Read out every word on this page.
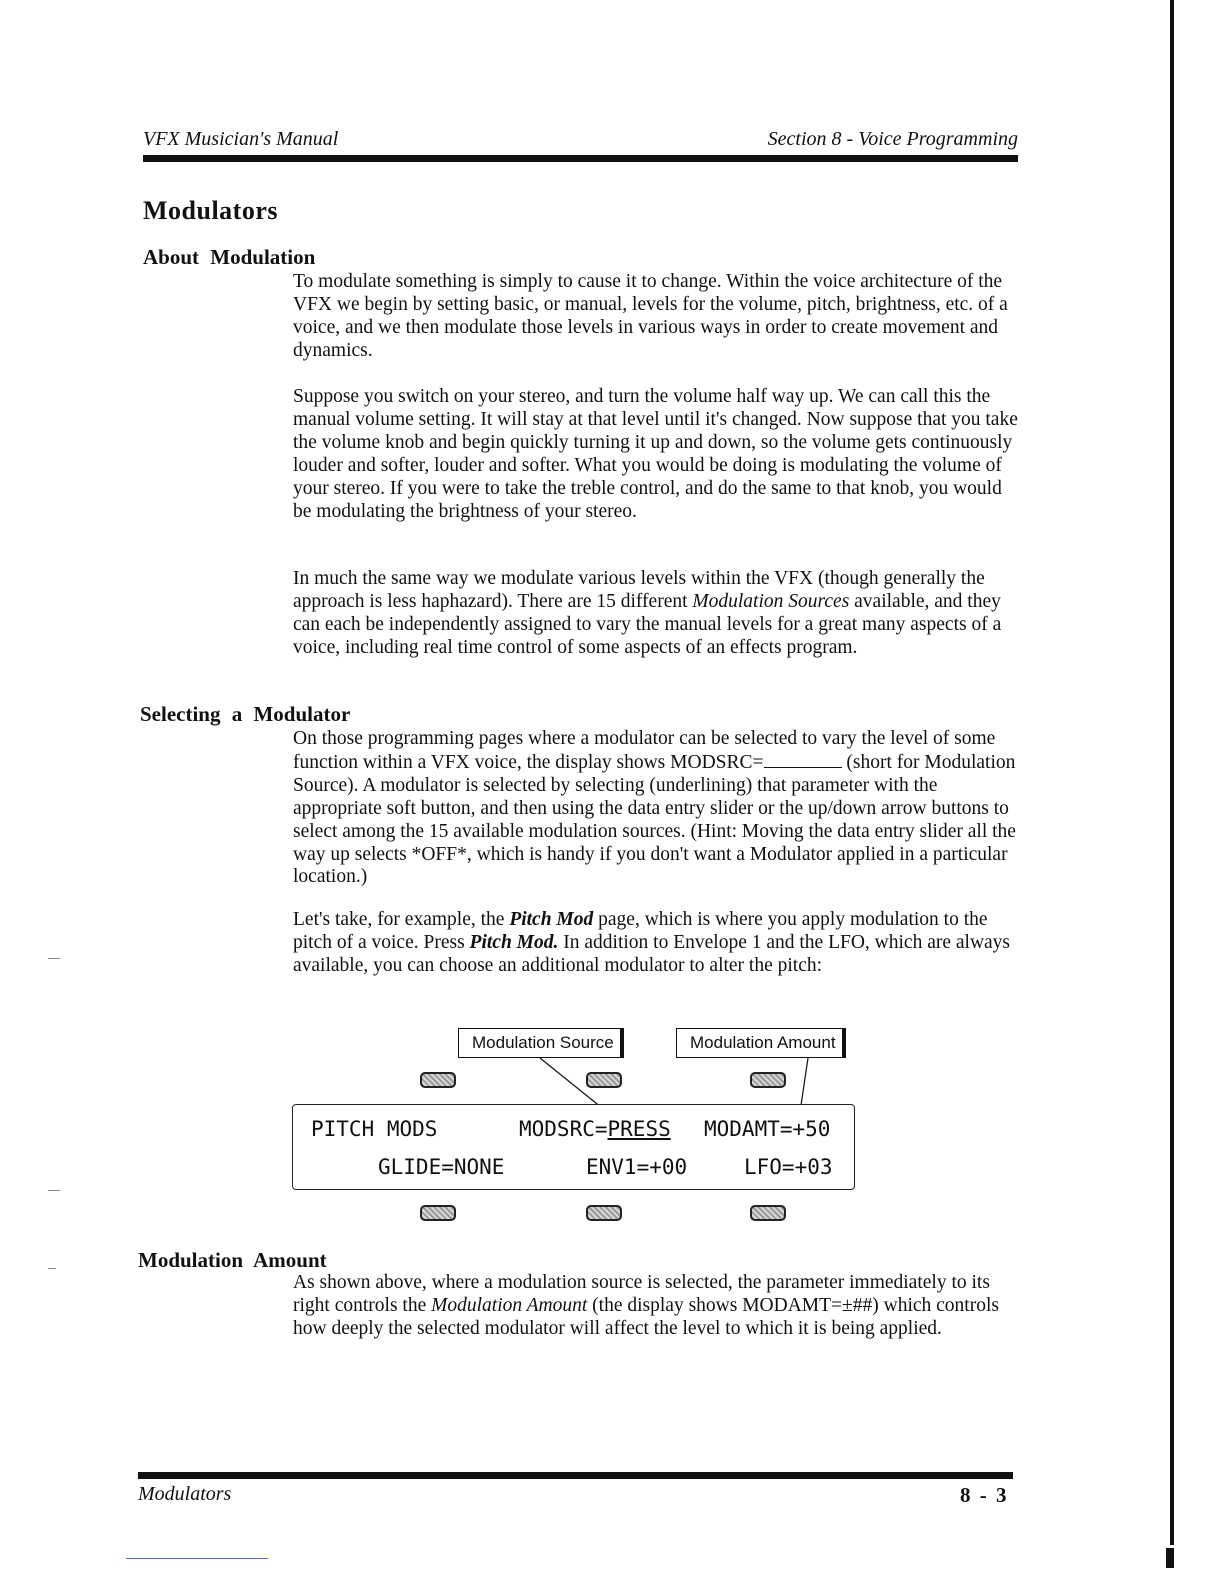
VFX Musician's Manual	Section 8 - Voice Programming
Modulators
About Modulation

To modulate something is simply to cause it to change. Within the voice architecture of the VFX we begin by setting basic, or manual, levels for the volume, pitch, brightness, etc. of a voice, and we then modulate those levels in various ways in order to create movement and dynamics.

Suppose you switch on your stereo, and turn the volume half way up. We can call this the manual volume setting. It will stay at that level until it's changed. Now suppose that you take the volume knob and begin quickly turning it up and down, so the volume gets continuously louder and softer, louder and softer. What you would be doing is modulating the volume of your stereo. If you were to take the treble control, and do the same to that knob, you would be modulating the brightness of your stereo.

In much the same way we modulate various levels within the VFX (though generally the approach is less haphazard). There are 15 different Modulation Sources available, and they can each be independently assigned to vary the manual levels for a great many aspects of a voice, including real time control of some aspects of an effects program.

Selecting a Modulator

On those programming pages where a modulator can be selected to vary the level of some function within a VFX voice, the display shows MODSRC=	(short for Modulation Source). A modulator is selected by selecting (underlining) that parameter with the appropriate soft button, and then using the data entry slider or the up/down arrow buttons to select among the 15 available modulation sources. (Hint: Moving the data entry slider all the way up selects *OFF*, which is handy if you don't want a Modulator applied in a particular location.)

Let's take, for example, the Pitch Mod page, which is where you apply modulation to the pitch of a voice. Press Pitch Mod. In addition to Envelope 1 and the LFO, which are always available, you can choose an additional modulator to alter the pitch:

Modulation Source	Modulation Amount
PITCH MODS	MODSRC=PRESS MODAMT=+50
GLIDE=NONE	ENV1=+00	LFO=+03
Modulation Amount

As shown above, where a modulation source is selected, the parameter immediately to its right controls the Modulation Amount (the display shows MODAMT=±##) which controls how deeply the selected modulator will affect the level to which it is being applied.

Modulators	8 - 3
